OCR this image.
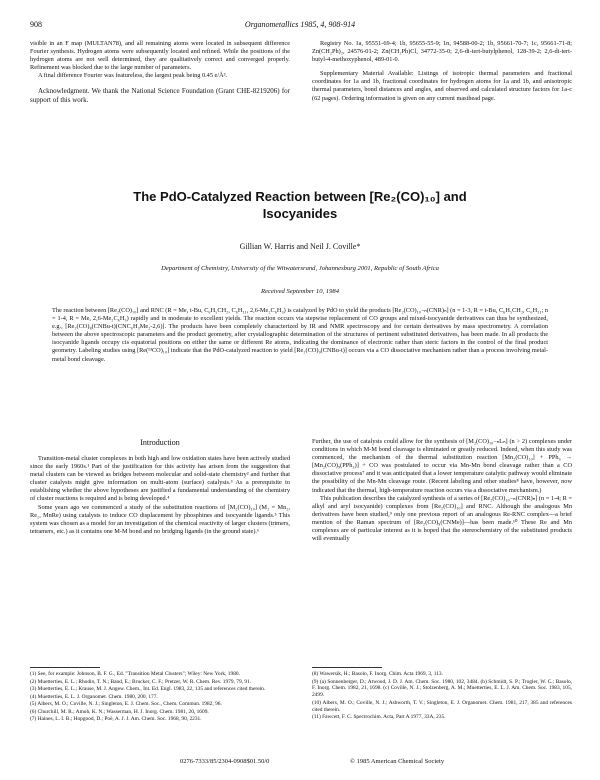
908	Organometallics 1985, 4, 908-914

visible in an F map (MULTAN78), and all remaining atoms were located in subsequent difference Fourier synthesis. Hydrogen atoms were subsequently located and refined. While the positions of the hydrogen atoms are not well determined, they are qualitatively correct and converged properly. Refinement was blocked due to the large number of parameters.

A final difference Fourier was featureless, the largest peak being 0.45 e/Å³.

Acknowledgment. We thank the National Science Foundation (Grant CHE-8219206) for support of this work.

Registry No. 1a, 95551-69-4; 1b, 95655-55-9; 1n, 94588-00-2; 1b, 95661-70-7; 1c, 95661-71-8; Zn(CH₂Ph)₂, 24576-01-2; Zn(CH₂Ph)Cl, 34772-35-0; 2,6-di-tert-butylphenol, 128-39-2; 2,6-di-tert-butyl-4-methoxyphenol, 489-01-0.

Supplementary Material Available: Listings of isotropic thermal parameters and fractional coordinates for 1a and 1b, fractional coordinates for hydrogen atoms for 1a and 1b, and anisotropic thermal parameters, bond distances and angles, and observed and calculated structure factors for 1a-c (62 pages). Ordering information is given on any current masthead page.

The PdO-Catalyzed Reaction between [Re₂(CO)₁₀] and
Isocyanides
Gillian W. Harris and Neil J. Coville*
Department of Chemistry, University of the Witwatersrand, Johannesburg 2001, Republic of South Africa
Received September 10, 1984
The reaction between [Re₂(CO)₁₀] and RNC (R = Me, t-Bu, C₆H₅CH₂, C₆H₁₁, 2,6-Me₂C₆H₃) is catalyzed by PdO to yield the products [Re₂(CO)₁₀₋ₙ(CNR)ₙ] (n = 1-3, R = t-Bu, C₆H₅CH₂, C₆H₁₁; n = 1-4, R = Me, 2,6-Me₂C₆H₃) rapidly and in moderate to excellent yields. The reaction occurs via stepwise replacement of CO groups and mixed-isocyanide derivatives can thus be synthesized, e.g., [Re₂(CO)₈(CNBu-t)(CNC₆H₃Me₂-2,6)]. The products have been completely characterized by IR and NMR spectroscopy and for certain derivatives by mass spectrometry. A correlation between the above spectroscopic parameters and the product geometry, after crystallographic determination of the structures of pertinent substituted derivatives, has been made. In all products the isocyanide ligands occupy cis equatorial positions on either the same or different Re atoms, indicating the dominance of electronic rather than steric factors in the control of the final product geometry. Labeling studies using [Re(¹³CO)₁₀] indicate that the PdO-catalyzed reaction to yield [Re₂(CO)₉(CNBu-t)] occurs via a CO dissociative mechanism rather than a process involving metal-metal bond cleavage.
Introduction

Transition-metal cluster complexes in both high and low oxidation states have been actively studied since the early 1960s.¹ Part of the justification for this activity has arisen from the suggestion that metal clusters can be viewed as bridges between molecular and solid-state chemistry² and further that cluster catalysts might give information on multi-atom (surface) catalysis.³ As a prerequisite to establishing whether the above hypotheses are justified a fundamental understanding of the chemistry of cluster reactions is required and is being developed.⁴

Some years ago we commenced a study of the substitution reactions of [M₂(CO)₁₀] (M₂ = Mn₂, Re₂, MnRe) using catalysts to induce CO displacement by phosphines and isocyanide ligands.⁵ This system was chosen as a model for an investigation of the chemical reactivity of larger clusters (trimers, tetramers, etc.) as it contains one M-M bond and no bridging ligands (in the ground state).⁶

Further, the use of catalysts could allow for the synthesis of [M₂(CO)₁₀₋ₙLₙ] (n > 2) complexes under conditions in which M-M bond cleavage is eliminated or greatly reduced. Indeed, when this study was commenced, the mechanism of the thermal substitution reaction [Mn₂(CO)₁₀] + PPh₃ → [Mn₂(CO)₉(PPh₃)] + CO was postulated to occur via Mn-Mn bond cleavage rather than a CO dissociative process⁷ and it was anticipated that a lower temperature catalytic pathway would eliminate the possibility of the Mn-Mn cleavage route. (Recent labeling and other studies⁸ have, however, now indicated that the thermal, high-temperature reaction occurs via a dissociative mechanism.)

This publication describes the catalyzed synthesis of a series of [Re₂(CO)₁₀₋ₙ(CNR)ₙ] (n = 1-4; R = alkyl and aryl isocyanide) complexes from [Re₂(CO)₁₀] and RNC. Although the analogous Mn derivatives have been studied,⁹ only one previous report of an analogous Re-RNC complex—a brief mention of the Raman spectrum of [Re₂(CO)₉(CNMe)]—has been made.¹⁰ These Re and Mn complexes are of particular interest as it is hoped that the stereochemistry of the substituted products will eventually

(1) See, for example: Johnson, B. F. G., Ed. "Transition Metal Clusters"; Wiley: New York, 1980.

(2) Muetterties, E. L.; Rhodin, T. N.; Band, E.; Brucker, C. F.; Pretzer, W. R. Chem. Rev. 1979, 79, 91.

(3) Muetterties, E. L.; Krause, M. J. Angew. Chem., Int. Ed. Engl. 1983, 22, 135 and references cited therein.

(4) Muetterties, E. L. J. Organomet. Chem. 1980, 200, 177.

(5) Albers, M. O.; Coville, N. J.; Singleton, E. J. Chem. Soc., Chem. Commun. 1982, 96.

(6) Churchill, M. R.; Amoh, K. N.; Wasserman, H. J. Inorg. Chem. 1981, 20, 1609.

(7) Haines, L. I. B.; Hopgood, D.; Poë, A. J. J. Am. Chem. Soc. 1968, 90, 2231.

(8) Wawersik, H.; Basolo, F. Inorg. Chim. Acta 1969, 3, 113.

(9) (a) Sonnenberger, D.; Atwood, J. D. J. Am. Chem. Soc. 1980, 102, 3484. (b) Schmidt, S. P.; Trogler, W. C.; Basolo, F. Inorg. Chem. 1982, 21, 1698. (c) Coville, N. J.; Stolzenberg, A. M.; Muetterties, E. L. J. Am. Chem. Soc. 1983, 105, 2499.

(10) Albers, M. O.; Coville, N. J.; Ashworth, T. V.; Singleton, E. J. Organomet. Chem. 1981, 217, 385 and references cited therein.

(11) Fawcett, F. C. Spectrochim. Acta, Part A 1977, 33A, 235.

0276-7333/85/2304-0908$01.50/0	© 1985 American Chemical Society
